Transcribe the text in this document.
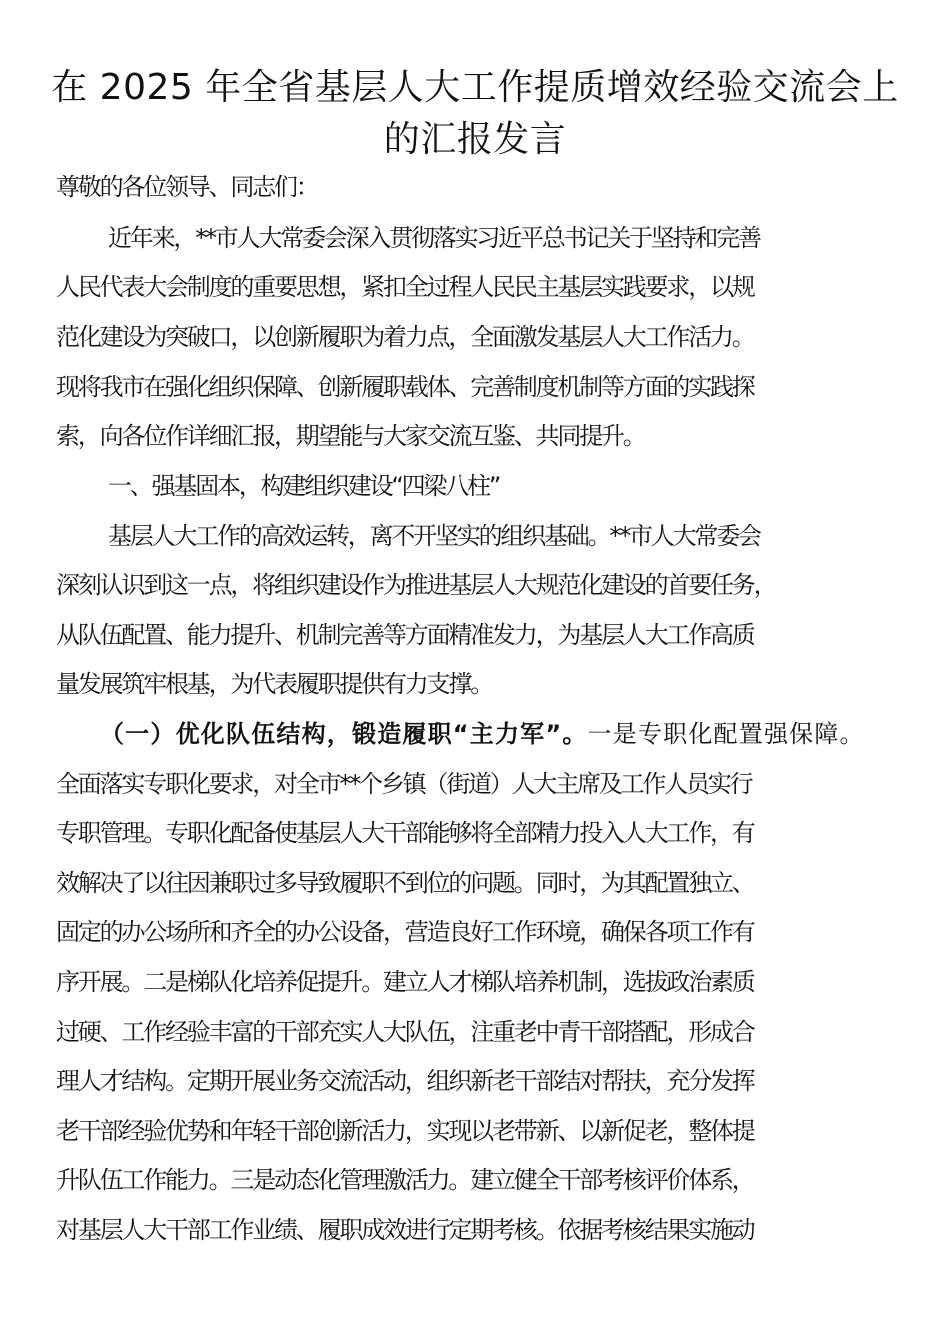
在 2025 年全省基层人大工作提质增效经验交流会上
的汇报发言

尊敬的各位领导、同志们：

近年来，**市人大常委会深入贯彻落实习近平总书记关于坚持和完善

人民代表大会制度的重要思想，紧扣全过程人民民主基层实践要求，以规

范化建设为突破口，以创新履职为着力点，全面激发基层人大工作活力。

现将我市在强化组织保障、创新履职载体、完善制度机制等方面的实践探

索，向各位作详细汇报，期望能与大家交流互鉴、共同提升。

一、强基固本，构建组织建设“四梁八柱”

基层人大工作的高效运转，离不开坚实的组织基础。**市人大常委会

深刻认识到这一点，将组织建设作为推进基层人大规范化建设的首要任务，

从队伍配置、能力提升、机制完善等方面精准发力，为基层人大工作高质

量发展筑牢根基，为代表履职提供有力支撑。

（一）优化队伍结构，锻造履职“主力军”。一是专职化配置强保障。

全面落实专职化要求，对全市**个乡镇（街道）人大主席及工作人员实行

专职管理。专职化配备使基层人大干部能够将全部精力投入人大工作，有

效解决了以往因兼职过多导致履职不到位的问题。同时，为其配置独立、

固定的办公场所和齐全的办公设备，营造良好工作环境，确保各项工作有

序开展。二是梯队化培养促提升。建立人才梯队培养机制，选拔政治素质

过硬、工作经验丰富的干部充实人大队伍，注重老中青干部搭配，形成合

理人才结构。定期开展业务交流活动，组织新老干部结对帮扶，充分发挥

老干部经验优势和年轻干部创新活力，实现以老带新、以新促老，整体提

升队伍工作能力。三是动态化管理激活力。建立健全干部考核评价体系，

对基层人大干部工作业绩、履职成效进行定期考核。依据考核结果实施动
